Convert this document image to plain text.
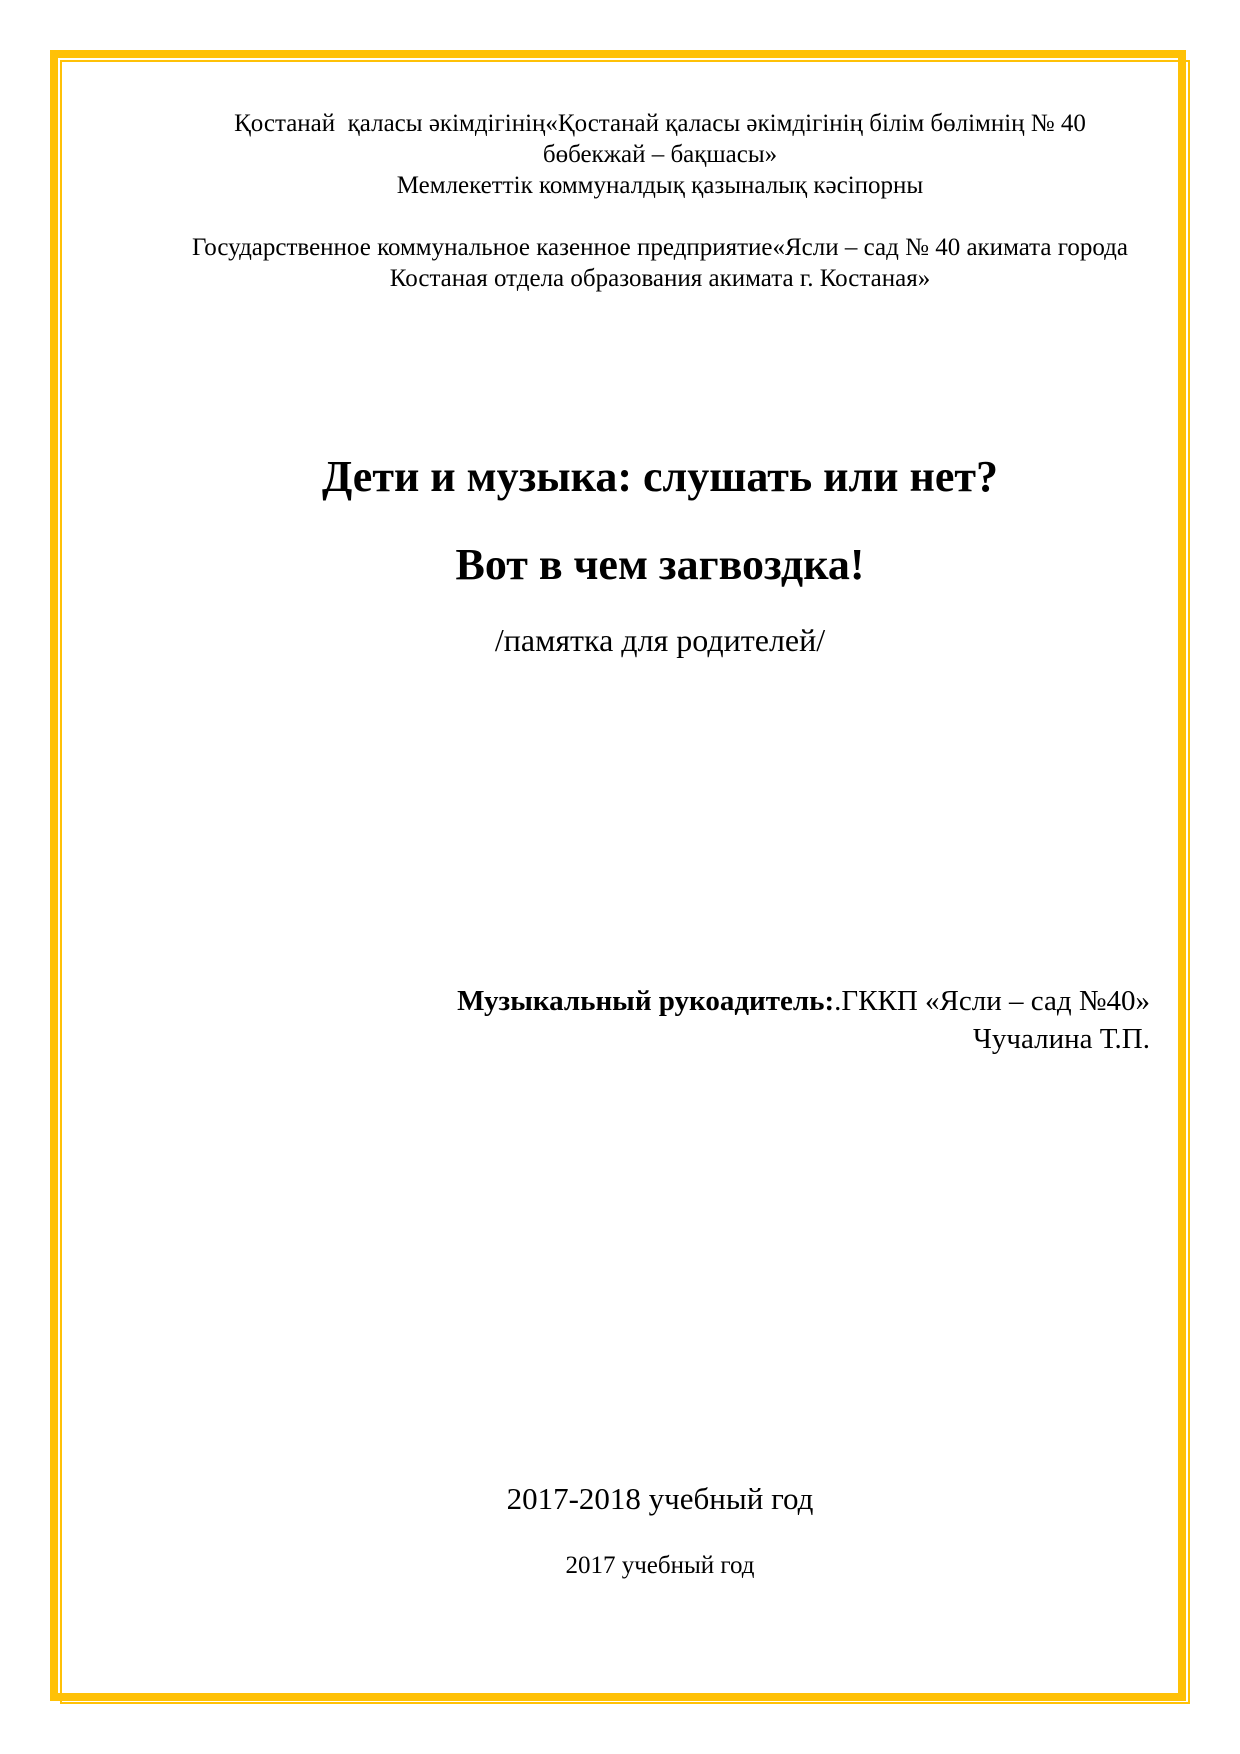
Қостанай  қаласы әкімдігінің«Қостанай қаласы әкімдігінің білім бөлімнің № 40
бөбекжай – бақшасы»
Мемлекеттік коммуналдық қазыналық кәсіпорны
Государственное коммунальное казенное предприятие«Ясли – сад № 40 акимата города
Костаная отдела образования акимата г. Костаная»
Дети и музыка: слушать или нет?
Вот в чем загвоздка!
/памятка для родителей/
Музыкальный рукоадитель:.ГККП «Ясли – сад №40»
Чучалина Т.П.
2017-2018 учебный год
2017 учебный год
